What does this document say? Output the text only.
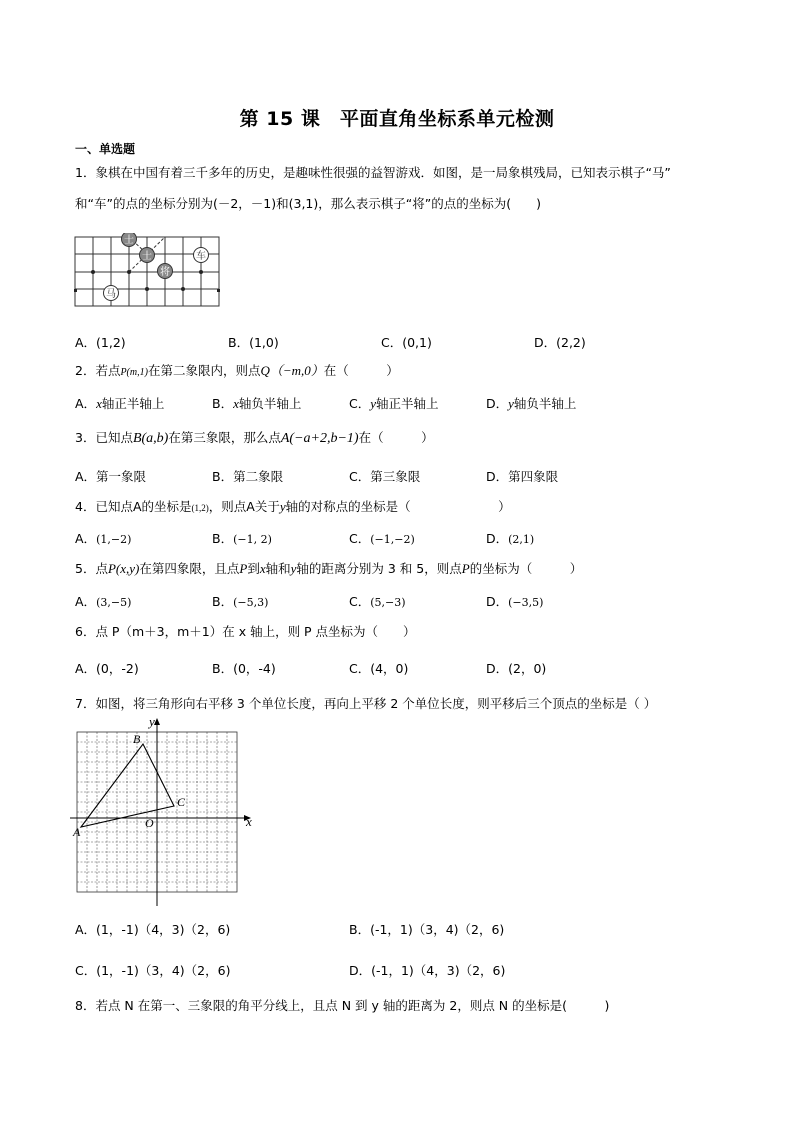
第 15 课　平面直角坐标系单元检测
一、单选题
1．象棋在中国有着三千多年的历史，是趣味性很强的益智游戏．如图，是一局象棋残局，已知表示棋子“马”
和“车”的点的坐标分别为(－2，－1)和(3,1)，那么表示棋子“将”的点的坐标为(　　)
士
士
将
车
马
A．(1,2)	B．(1,0)	C．(0,1)	D．(2,2)
2．若点P(m,1)在第二象限内，则点Q（−m,0）在（　　　）
A．x轴正半轴上	B．x轴负半轴上	C．y轴正半轴上	D．y轴负半轴上
3．已知点B(a,b)在第三象限，那么点A(−a+2,b−1)在（　　　）
A．第一象限	B．第二象限	C．第三象限	D．第四象限
4．已知点A的坐标是(1,2)，则点A关于y轴的对称点的坐标是（　　　　　　　）
A．(1,−2)	B．(−1, 2)	C．(−1,−2)	D．(2,1)
5．点P(x,y)在第四象限，且点P到x轴和y轴的距离分别为 3 和 5，则点P的坐标为（　　　）
A．(3,−5)	B．(−5,3)	C．(5,−3)	D．(−3,5)
6．点 P（m＋3，m＋1）在 x 轴上，则 P 点坐标为（　　）
A．(0，-2)	B．(0，-4)	C．(4，0)	D．(2，0)
7．如图，将三角形向右平移 3 个单位长度，再向上平移 2 个单位长度，则平移后三个顶点的坐标是（ ）
y
x
O
A
B
C
A．(1，-1)（4，3)（2，6)	B．(-1，1)（3，4)（2，6)
C．(1，-1)（3，4)（2，6)	D．(-1，1)（4，3)（2，6)
8．若点 N 在第一、三象限的角平分线上，且点 N 到 y 轴的距离为 2，则点 N 的坐标是(　　　)
